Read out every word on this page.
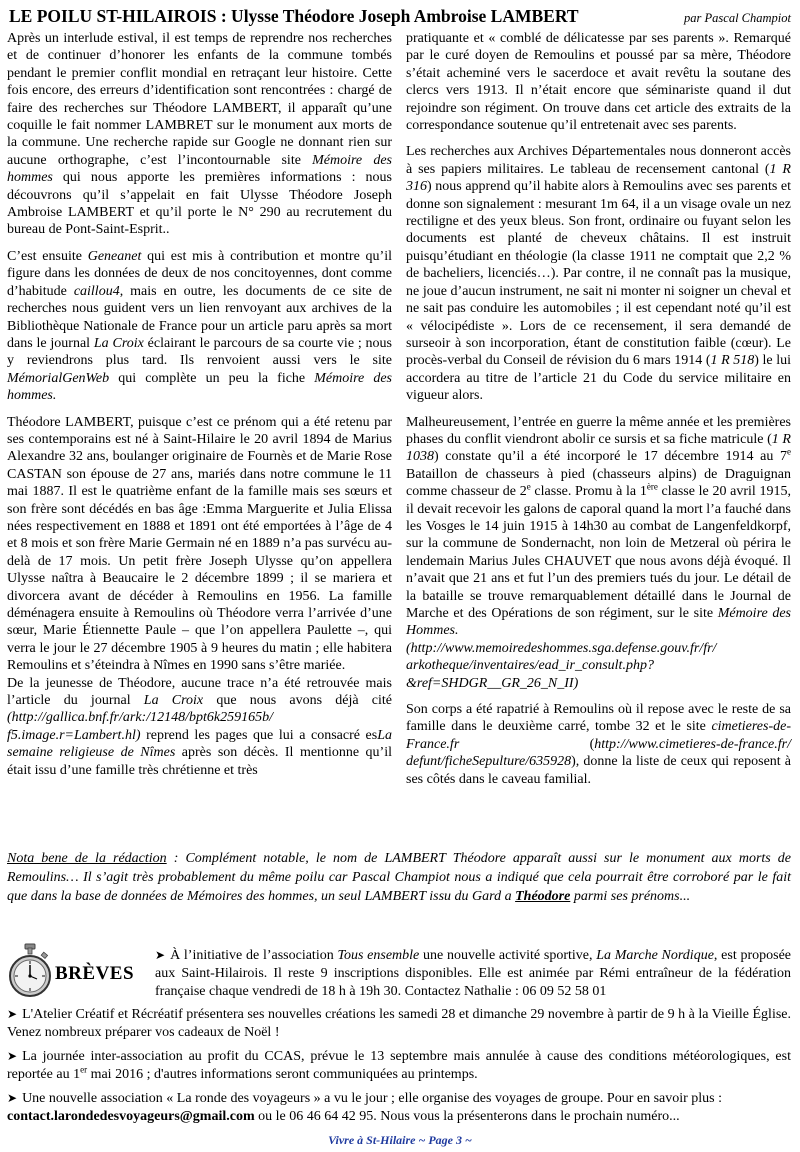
LE POILU ST-HILAIROIS : Ulysse Théodore Joseph Ambroise LAMBERT	par Pascal Champiot

Après un interlude estival, il est temps de reprendre nos recherches et de continuer d’honorer les enfants de la commune tombés pendant le premier conflit mondial en retraçant leur histoire. Cette fois encore, des erreurs d’identification sont rencontrées : chargé de faire des recherches sur Théodore LAMBERT, il apparaît qu’une coquille le fait nommer LAMBRET sur le monument aux morts de la commune. Une recherche rapide sur Google ne donnant rien sur aucune orthographe, c’est l’incontournable site Mémoire des hommes qui nous apporte les premières informations : nous découvrons qu’il s’appelait en fait Ulysse Théodore Joseph Ambroise LAMBERT et qu’il porte le N° 290 au recrutement du bureau de Pont-Saint-Esprit..

C’est ensuite Geneanet qui est mis à contribution et montre qu’il figure dans les données de deux de nos concitoyennes, dont comme d’habitude caillou4, mais en outre, les documents de ce site de recherches nous guident vers un lien renvoyant aux archives de la Bibliothèque Nationale de France pour un article paru après sa mort dans le journal La Croix éclairant le parcours de sa courte vie ; nous y reviendrons plus tard. Ils renvoient aussi vers le site MémorialGenWeb qui complète un peu la fiche Mémoire des hommes.

Théodore LAMBERT, puisque c’est ce prénom qui a été retenu par ses contemporains est né à Saint-Hilaire le 20 avril 1894 de Marius Alexandre 32 ans, boulanger originaire de Fournès et de Marie Rose CASTAN son épouse de 27 ans, mariés dans notre commune le 11 mai 1887. Il est le quatrième enfant de la famille mais ses sœurs et son frère sont décédés en bas âge :Emma Marguerite et Julia Elissa nées respectivement en 1888 et 1891 ont été emportées à l’âge de 4 et 8 mois et son frère Marie Germain né en 1889 n’a pas survécu au-delà de 17 mois. Un petit frère Joseph Ulysse qu’on appellera Ulysse naîtra à Beaucaire le 2 décembre 1899 ; il se mariera et divorcera avant de décéder à Remoulins en 1956. La famille déménagera ensuite à Remoulins où Théodore verra l’arrivée d’une sœur, Marie Étiennette Paule – que l’on appellera Paulette –, qui verra le jour le 27 décembre 1905 à 9 heures du matin ; elle habitera Remoulins et s’éteindra à Nîmes en 1990 sans s’être mariée.

De la jeunesse de Théodore, aucune trace n’a été retrouvée mais l’article du journal La Croix que nous avons déjà cité (http://gallica.bnf.fr/ark:/12148/bpt6k259165b/ f5.image.r=Lambert.hl) reprend les pages que lui a consacré esLa semaine religieuse de Nîmes après son décès. Il mentionne qu’il était issu d’une famille très chrétienne et très

pratiquante et « comblé de délicatesse par ses parents ». Remarqué par le curé doyen de Remoulins et poussé par sa mère, Théodore s’était acheminé vers le sacerdoce et avait revêtu la soutane des clercs vers 1913. Il n’était encore que séminariste quand il dut rejoindre son régiment. On trouve dans cet article des extraits de la correspondance soutenue qu’il entretenait avec ses parents.

Les recherches aux Archives Départementales nous donneront accès à ses papiers militaires. Le tableau de recensement cantonal (1 R 316) nous apprend qu’il habite alors à Remoulins avec ses parents et donne son signalement : mesurant 1m 64, il a un visage ovale un nez rectiligne et des yeux bleus. Son front, ordinaire ou fuyant selon les documents est planté de cheveux châtains. Il est instruit puisqu’étudiant en théologie (la classe 1911 ne comptait que 2,2 % de bacheliers, licenciés…). Par contre, il ne connaît pas la musique, ne joue d’aucun instrument, ne sait ni monter ni soigner un cheval et ne sait pas conduire les automobiles ; il est cependant noté qu’il est « vélocipédiste ». Lors de ce recensement, il sera demandé de surseoir à son incorporation, étant de constitution faible (cœur). Le procès-verbal du Conseil de révision du 6 mars 1914 (1 R 518) le lui accordera au titre de l’article 21 du Code du service militaire en vigueur alors.

Malheureusement, l’entrée en guerre la même année et les premières phases du conflit viendront abolir ce sursis et sa fiche matricule (1 R 1038) constate qu’il a été incorporé le 17 décembre 1914 au 7e Bataillon de chasseurs à pied (chasseurs alpins) de Draguignan comme chasseur de 2e classe. Promu à la 1ère classe le 20 avril 1915, il devait recevoir les galons de caporal quand la mort l’a fauché dans les Vosges le 14 juin 1915 à 14h30 au combat de Langenfeldkorpf, sur la commune de Sondernacht, non loin de Metzeral où périra le lendemain Marius Jules CHAUVET que nous avons déjà évoqué. Il n’avait que 21 ans et fut l’un des premiers tués du jour. Le détail de la bataille se trouve remarquablement détaillé dans le Journal de Marche et des Opérations de son régiment, sur le site Mémoire des Hommes.
(http://www.memoiredeshommes.sga.defense.gouv.fr/fr/ arkotheque/inventaires/ead_ir_consult.php? &ref=SHDGR__GR_26_N_II)

Son corps a été rapatrié à Remoulins où il repose avec le reste de sa famille dans le deuxième carré, tombe 32 et le site cimetieres-de-France.fr (http://www.cimetieres-de-france.fr/ defunt/ficheSepulture/635928), donne la liste de ceux qui reposent à ses côtés dans le caveau familial.

Nota bene de la rédaction : Complément notable, le nom de LAMBERT Théodore apparaît aussi sur le monument aux morts de Remoulins… Il s’agit très probablement du même poilu car Pascal Champiot nous a indiqué que cela pourrait être corroboré par le fait que dans la base de données de Mémoires des hommes, un seul LAMBERT issu du Gard a Théodore parmi ses prénoms...
BRÈVES
➤ À l’initiative de l’association Tous ensemble une nouvelle activité sportive, La Marche Nordique, est proposée aux Saint-Hilairois. Il reste 9 inscriptions disponibles. Elle est animée par Rémi entraîneur de la fédération française chaque vendredi de 18 h à 19h 30. Contactez Nathalie : 06 09 52 58 01
➤ L'Atelier Créatif et Récréatif présentera ses nouvelles créations les samedi 28 et dimanche 29 novembre à partir de 9 h à la Vieille Église. Venez nombreux préparer vos cadeaux de Noël !
➤ La journée inter-association au profit du CCAS, prévue le 13 septembre mais annulée à cause des conditions météorologiques, est reportée au 1er mai 2016 ; d'autres informations seront communiquées au printemps.
➤ Une nouvelle association « La ronde des voyageurs » a vu le jour ; elle organise des voyages de groupe. Pour en savoir plus :
contact.larondedesvoyageurs@gmail.com ou le 06 46 64 42 95. Nous vous la présenterons dans le prochain numéro...
Vivre à St-Hilaire ~ Page 3 ~
